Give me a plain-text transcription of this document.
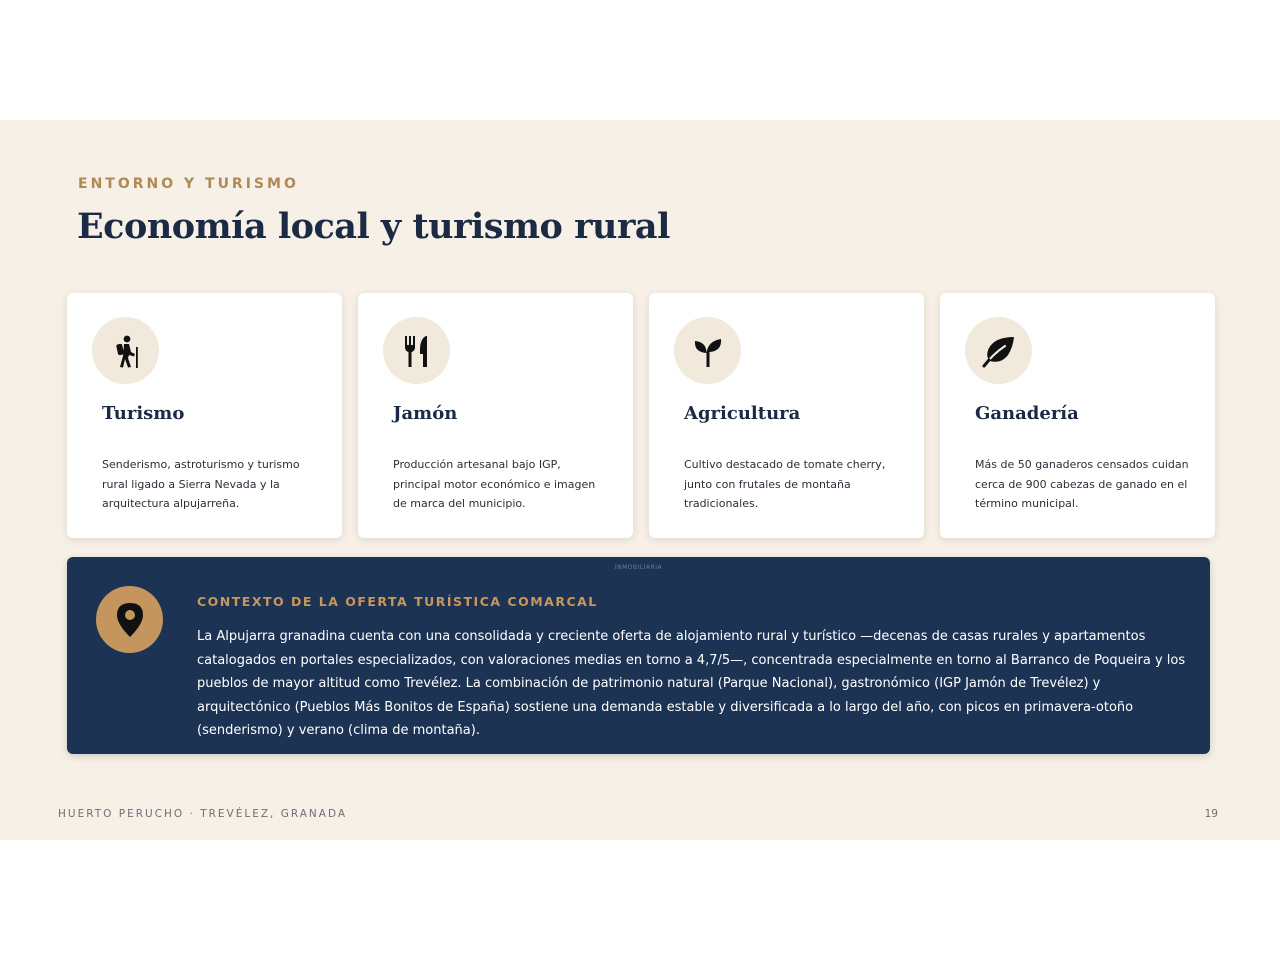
ENTORNO Y TURISMO
Economía local y turismo rural
Turismo
Senderismo, astroturismo y turismo rural ligado a Sierra Nevada y la arquitectura alpujarreña.
Jamón
Producción artesanal bajo IGP, principal motor económico e imagen de marca del municipio.
Agricultura
Cultivo destacado de tomate cherry, junto con frutales de montaña tradicionales.
Ganadería
Más de 50 ganaderos censados cuidan cerca de 900 cabezas de ganado en el término municipal.
INMOBILIARIA
CONTEXTO DE LA OFERTA TURÍSTICA COMARCAL
La Alpujarra granadina cuenta con una consolidada y creciente oferta de alojamiento rural y turístico —decenas de casas rurales y apartamentos catalogados en portales especializados, con valoraciones medias en torno a 4,7/5—, concentrada especialmente en torno al Barranco de Poqueira y los pueblos de mayor altitud como Trevélez. La combinación de patrimonio natural (Parque Nacional), gastronómico (IGP Jamón de Trevélez) y arquitectónico (Pueblos Más Bonitos de España) sostiene una demanda estable y diversificada a lo largo del año, con picos en primavera-otoño (senderismo) y verano (clima de montaña).
HUERTO PERUCHO · TREVÉLEZ, GRANADA	19
